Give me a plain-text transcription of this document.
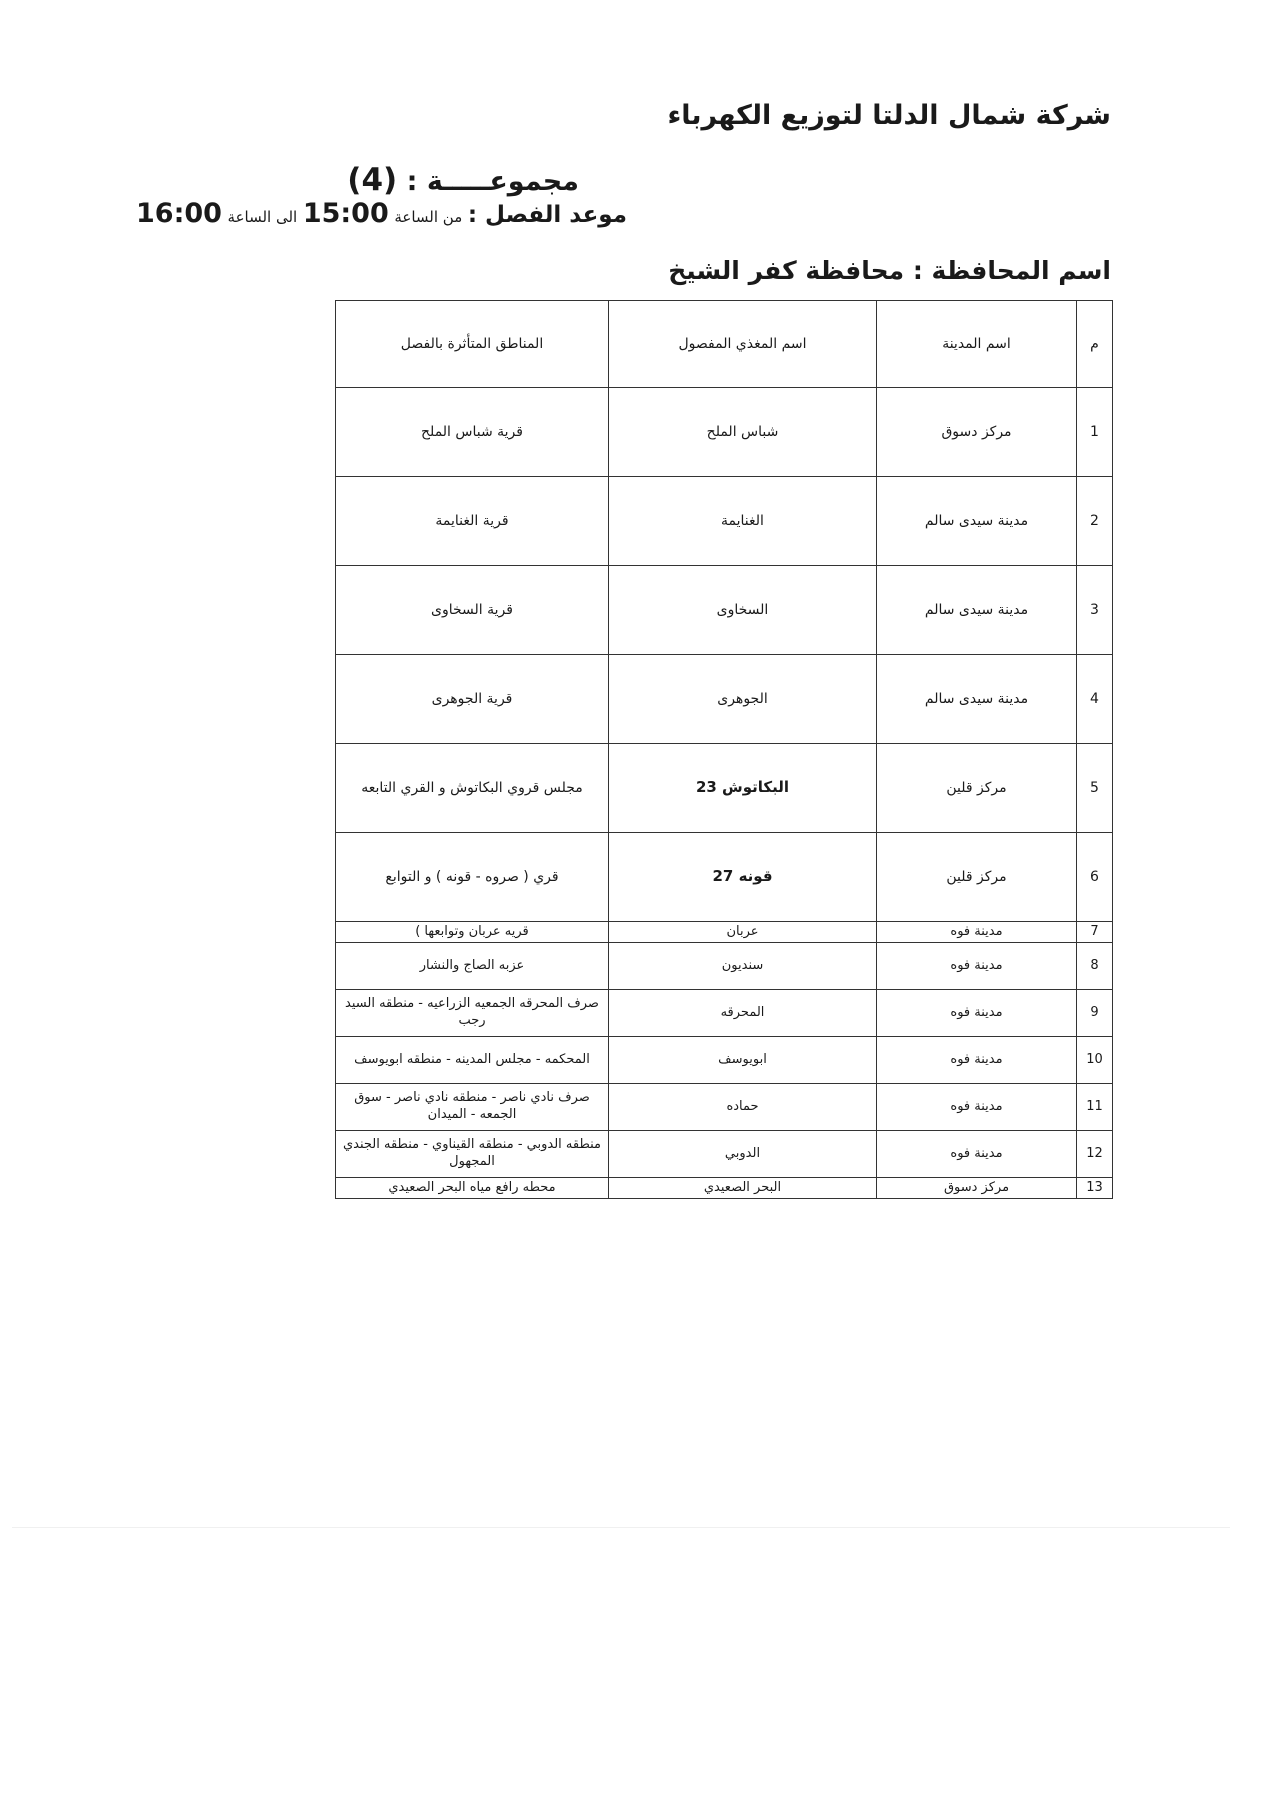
شركة شمال الدلتا لتوزيع الكهرباء
مجموعـــــة : (4)
موعد الفصل : من الساعة 15:00 الى الساعة 16:00
اسم المحافظة : محافظة كفر الشيخ
م	اسم المدينة	اسم المغذي المفصول	المناطق المتأثرة بالفصل
1	مركز دسوق	شباس الملح	قرية شباس الملح
2	مدينة سيدى سالم	الغنايمة	قرية الغنايمة
3	مدينة سيدى سالم	السخاوى	قرية السخاوى
4	مدينة سيدى سالم	الجوهرى	قرية الجوهرى
5	مركز قلين	البكاتوش 23	مجلس قروي البكاتوش و القري التابعه
6	مركز قلين	قونه 27	قري ( صروه - قونه ) و التوابع
7	مدينة فوه	عربان	قريه عربان وتوابعها )
8	مدينة فوه	سنديون	عزبه الصاج والنشار
9	مدينة فوه	المحرقه	صرف المحرقه الجمعيه الزراعيه - منطقه السيد رجب
10	مدينة فوه	ابويوسف	المحكمه - مجلس المدينه - منطقه ابويوسف
11	مدينة فوه	حماده	صرف نادي ناصر - منطقه نادي ناصر - سوق الجمعه - الميدان
12	مدينة فوه	الدوبي	منطقه الدوبي - منطقه القيناوي - منطقه الجندي المجهول
13	مركز دسوق	البحر الصعيدي	محطه رافع مياه البحر الصعيدي
